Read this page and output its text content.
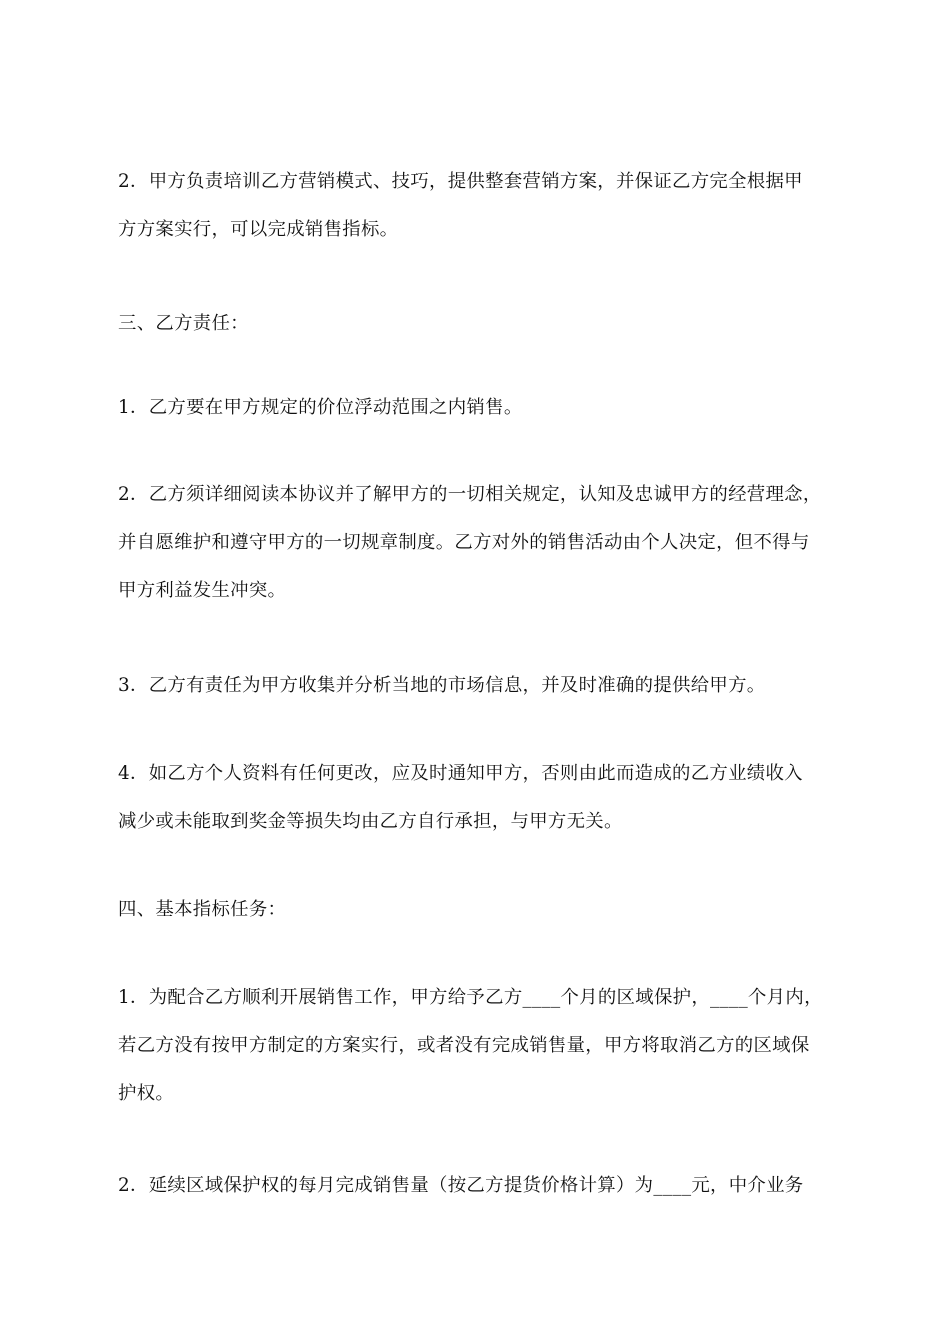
2．甲方负责培训乙方营销模式、技巧，提供整套营销方案，并保证乙方完全根据甲
方方案实行，可以完成销售指标。

三、乙方责任：

1．乙方要在甲方规定的价位浮动范围之内销售。

2．乙方须详细阅读本协议并了解甲方的一切相关规定，认知及忠诚甲方的经营理念，
并自愿维护和遵守甲方的一切规章制度。乙方对外的销售活动由个人决定，但不得与
甲方利益发生冲突。

3．乙方有责任为甲方收集并分析当地的市场信息，并及时准确的提供给甲方。

4．如乙方个人资料有任何更改，应及时通知甲方，否则由此而造成的乙方业绩收入
减少或未能取到奖金等损失均由乙方自行承担，与甲方无关。

四、基本指标任务：

1．为配合乙方顺利开展销售工作，甲方给予乙方____个月的区域保护，____个月内，
若乙方没有按甲方制定的方案实行，或者没有完成销售量，甲方将取消乙方的区域保
护权。

2．延续区域保护权的每月完成销售量（按乙方提货价格计算）为____元，中介业务
